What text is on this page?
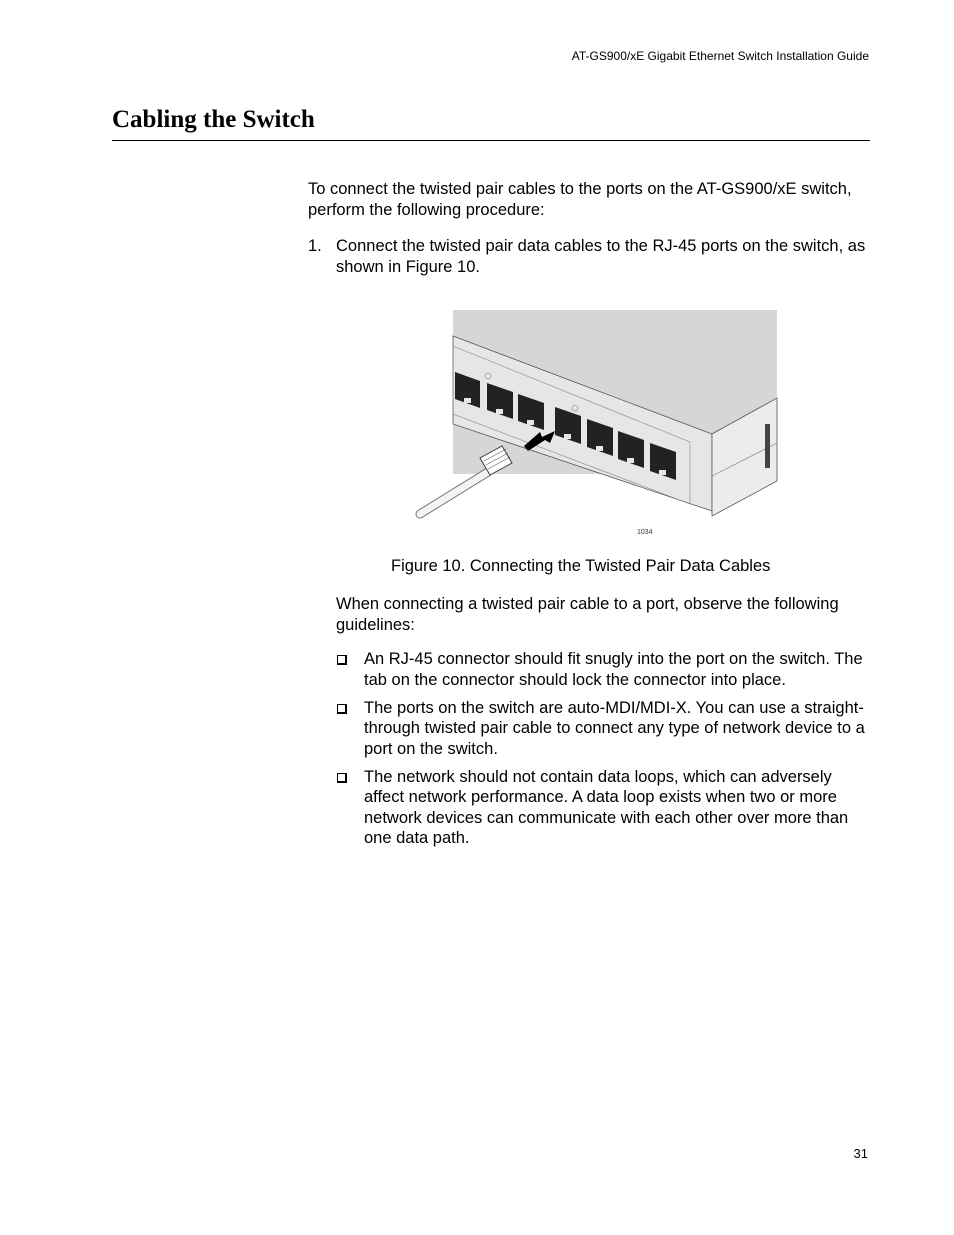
AT-GS900/xE Gigabit Ethernet Switch Installation Guide
Cabling the Switch

To connect the twisted pair cables to the ports on the AT-GS900/xE switch, perform the following procedure:

1. Connect the twisted pair data cables to the RJ-45 ports on the switch, as shown in Figure 10.
1034

Figure 10. Connecting the Twisted Pair Data Cables

When connecting a twisted pair cable to a port, observe the following guidelines:

An RJ-45 connector should fit snugly into the port on the switch. The tab on the connector should lock the connector into place.
The ports on the switch are auto-MDI/MDI-X. You can use a straight-through twisted pair cable to connect any type of network device to a port on the switch.
The network should not contain data loops, which can adversely affect network performance. A data loop exists when two or more network devices can communicate with each other over more than one data path.
31
